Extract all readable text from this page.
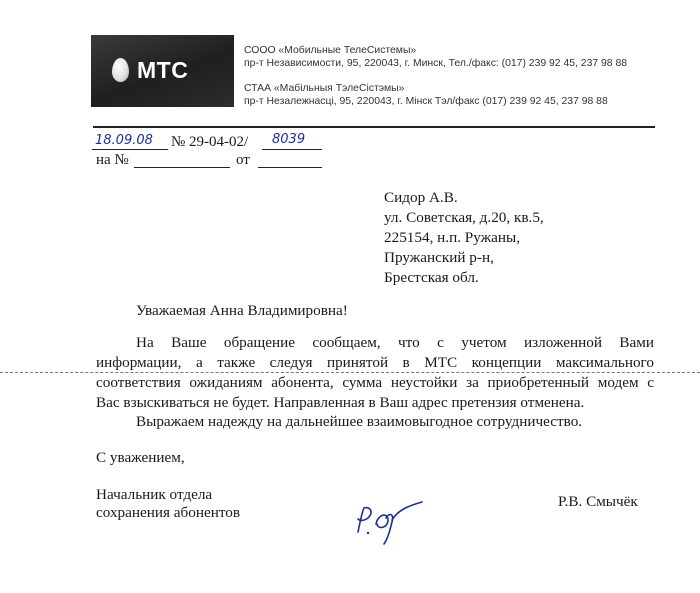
МТС
СООО «Мобильные ТелеСистемы»
пр-т Независимости, 95, 220043, г. Минск, Тел./факс: (017) 239 92 45, 237 98 88
СТАА «Мабільныя ТэлеСістэмы»
пр-т Незалежнасці, 95, 220043, г. Мінск Тэл/факс (017) 239 92 45, 237 98 88
18.09.08 № 29-04-02/ 8039
на №	от
Сидор А.В.
ул. Советская, д.20, кв.5,
225154, н.п. Ружаны,
Пружанский р-н,
Брестская обл.
Уважаемая Анна Владимировна!
На Ваше обращение сообщаем, что с учетом изложенной Вами
информации, а также следуя принятой в МТС концепции максимального
соответствия ожиданиям абонента, сумма неустойки за приобретенный модем с
Вас взыскиваться не будет. Направленная в Ваш адрес претензия отменена.
Выражаем надежду на дальнейшее взаимовыгодное сотрудничество.
С уважением,
Начальник отдела
сохранения абонентов
Р.В. Смычёк
